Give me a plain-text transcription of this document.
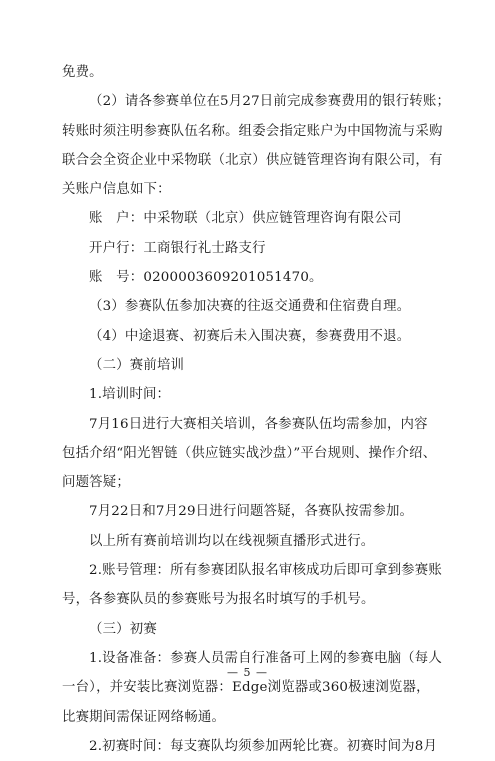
免费。
（2）请各参赛单位在5月27日前完成参赛费用的银行转账；
转账时须注明参赛队伍名称。组委会指定账户为中国物流与采购
联合会全资企业中采物联（北京）供应链管理咨询有限公司，有
关账户信息如下：
账　户：中采物联（北京）供应链管理咨询有限公司
开户行：工商银行礼士路支行
账　号：0200003609201051470。
（3）参赛队伍参加决赛的往返交通费和住宿费自理。
（4）中途退赛、初赛后未入围决赛，参赛费用不退。
（二）赛前培训
1.培训时间：
7月16日进行大赛相关培训，各参赛队伍均需参加，内容
包括介绍“阳光智链（供应链实战沙盘）”平台规则、操作介绍、
问题答疑；
7月22日和7月29日进行问题答疑，各赛队按需参加。
以上所有赛前培训均以在线视频直播形式进行。
2.账号管理：所有参赛团队报名审核成功后即可拿到参赛账
号，各参赛队员的参赛账号为报名时填写的手机号。
（三）初赛
1.设备准备：参赛人员需自行准备可上网的参赛电脑（每人
一台），并安装比赛浏览器：Edge浏览器或360极速浏览器，
比赛期间需保证网络畅通。
2.初赛时间：每支赛队均须参加两轮比赛。初赛时间为8月
— 5 —
